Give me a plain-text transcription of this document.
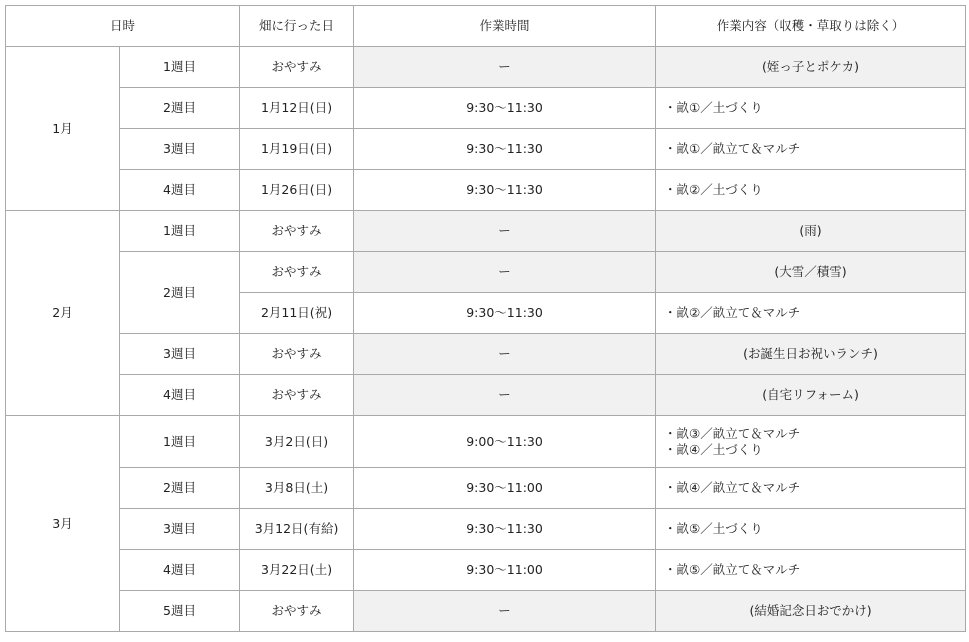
日時		畑に行った日	作業時間	作業内容（収穫・草取りは除く）	
1月	1週目	おやすみ	ー	(姪っ子とポケカ)

	2週目	1月12日(日)	9:30〜11:30	・畝①／土づくり

	3週目	1月19日(日)	9:30〜11:30	・畝①／畝立て＆マルチ

	4週目	1月26日(日)	9:30〜11:30	・畝②／土づくり

2月	1週目	おやすみ	ー	(雨)

	2週目	おやすみ	ー	(大雪／積雪)

		2月11日(祝)	9:30〜11:30	・畝②／畝立て＆マルチ

	3週目	おやすみ	ー	(お誕生日お祝いランチ)

	4週目	おやすみ	ー	(自宅リフォーム)

3月	1週目	3月2日(日)	9:00〜11:30	・畝③／畝立て＆マルチ
・畝④／土づくり

	2週目	3月8日(土)	9:30〜11:00	・畝④／畝立て＆マルチ

	3週目	3月12日(有給)	9:30〜11:30	・畝⑤／土づくり

	4週目	3月22日(土)	9:30〜11:00	・畝⑤／畝立て＆マルチ

	5週目	おやすみ	ー	(結婚記念日おでかけ)
